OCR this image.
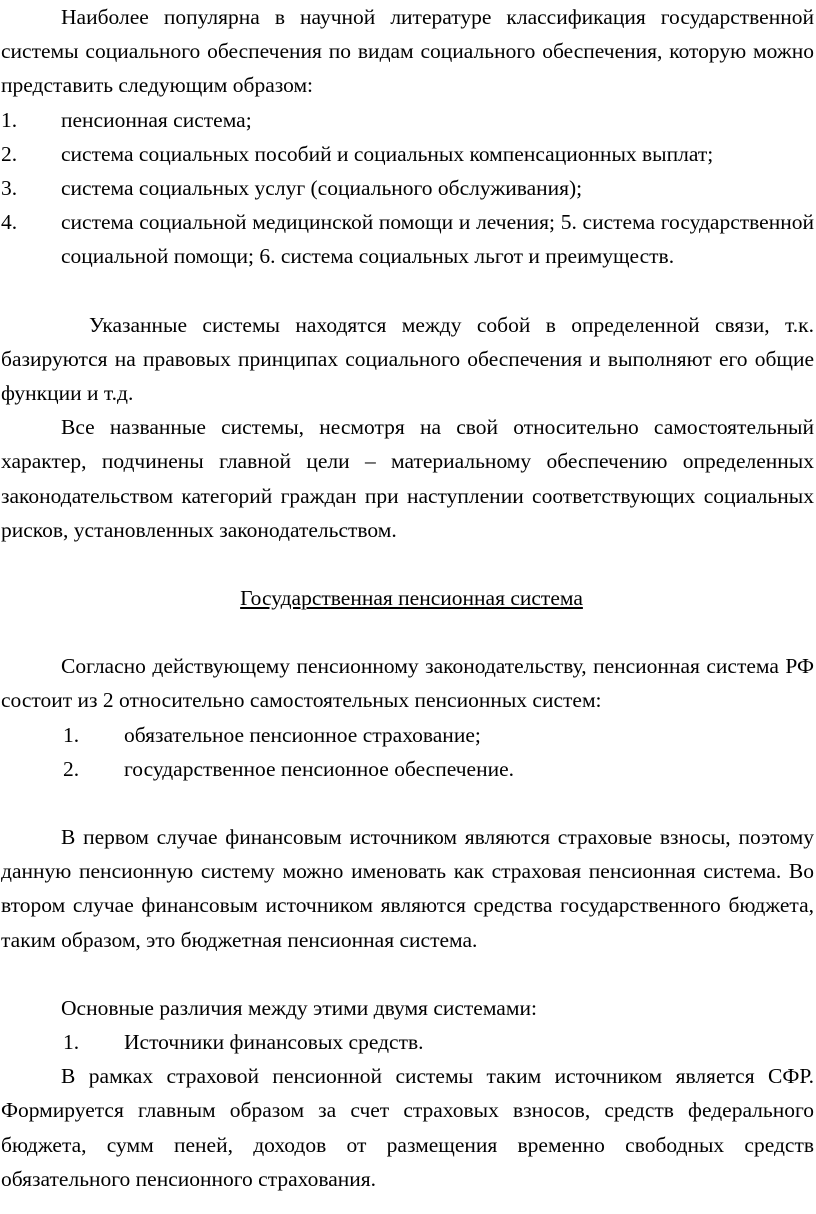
Наиболее популярна в научной литературе классификация государственной системы социального обеспечения по видам социального обеспечения, которую можно представить следующим образом:

1. пенсионная система;
2. система социальных пособий и социальных компенсационных выплат;
3. система социальных услуг (социального обслуживания);
4. система социальной медицинской помощи и лечения; 5. система государственной социальной помощи; 6. система социальных льгот и преимуществ.

Указанные системы находятся между собой в определенной связи, т.к. базируются на правовых принципах социального обеспечения и выполняют его общие функции и т.д.

Все названные системы, несмотря на свой относительно самостоятельный характер, подчинены главной цели – материальному обеспечению определенных законодательством категорий граждан при наступлении соответствующих социальных рисков, установленных законодательством.

Государственная пенсионная система

Согласно действующему пенсионному законодательству, пенсионная система РФ состоит из 2 относительно самостоятельных пенсионных систем:

1. обязательное пенсионное страхование;
2. государственное пенсионное обеспечение.

В первом случае финансовым источником являются страховые взносы, поэтому данную пенсионную систему можно именовать как страховая пенсионная система. Во втором случае финансовым источником являются средства государственного бюджета, таким образом, это бюджетная пенсионная система.

Основные различия между этими двумя системами:

1. Источники финансовых средств.

В рамках страховой пенсионной системы таким источником является СФР. Формируется главным образом за счет страховых взносов, средств федерального бюджета, сумм пеней, доходов от размещения временно свободных средств обязательного пенсионного страхования.
